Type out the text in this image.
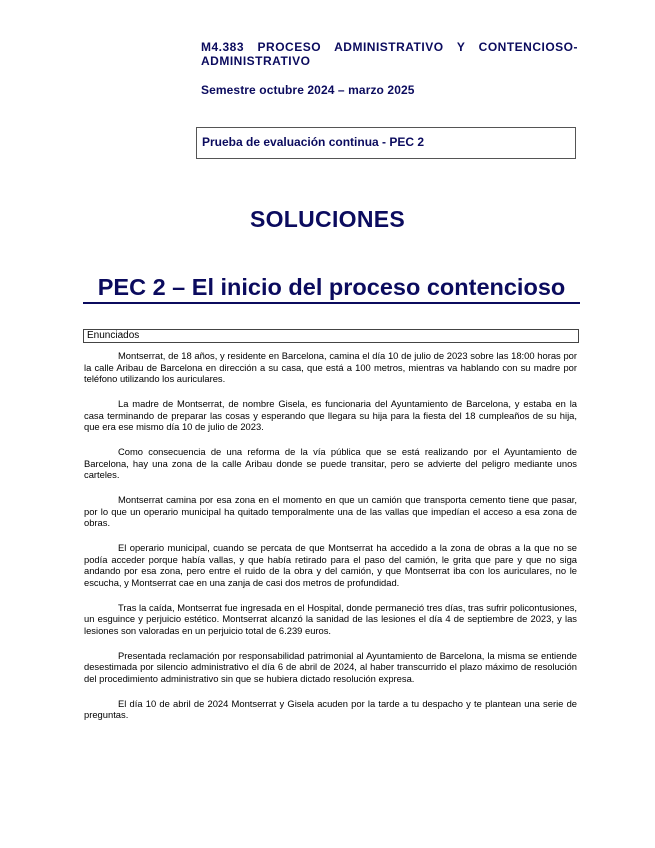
M4.383 PROCESO ADMINISTRATIVO Y CONTENCIOSO-ADMINISTRATIVO
Semestre octubre 2024 – marzo 2025
Prueba de evaluación continua - PEC 2
SOLUCIONES
PEC 2 – El inicio del proceso contencioso
Enunciados

Montserrat, de 18 años, y residente en Barcelona, camina el día 10 de julio de 2023 sobre las 18:00 horas por la calle Aribau de Barcelona en dirección a su casa, que está a 100 metros, mientras va hablando con su madre por teléfono utilizando los auriculares.

La madre de Montserrat, de nombre Gisela, es funcionaria del Ayuntamiento de Barcelona, y estaba en la casa terminando de preparar las cosas y esperando que llegara su hija para la fiesta del 18 cumpleaños de su hija, que era ese mismo día 10 de julio de 2023.

Como consecuencia de una reforma de la vía pública que se está realizando por el Ayuntamiento de Barcelona, hay una zona de la calle Aribau donde se puede transitar, pero se advierte del peligro mediante unos carteles.

Montserrat camina por esa zona en el momento en que un camión que transporta cemento tiene que pasar, por lo que un operario municipal ha quitado temporalmente una de las vallas que impedían el acceso a esa zona de obras.

El operario municipal, cuando se percata de que Montserrat ha accedido a la zona de obras a la que no se podía acceder porque había vallas, y que había retirado para el paso del camión, le grita que pare y que no siga andando por esa zona, pero entre el ruido de la obra y del camión, y que Montserrat iba con los auriculares, no le escucha, y Montserrat cae en una zanja de casi dos metros de profundidad.

Tras la caída, Montserrat fue ingresada en el Hospital, donde permaneció tres días, tras sufrir policontusiones, un esguince y perjuicio estético. Montserrat alcanzó la sanidad de las lesiones el día 4 de septiembre de 2023, y las lesiones son valoradas en un perjuicio total de 6.239 euros.

Presentada reclamación por responsabilidad patrimonial al Ayuntamiento de Barcelona, la misma se entiende desestimada por silencio administrativo el día 6 de abril de 2024, al haber transcurrido el plazo máximo de resolución del procedimiento administrativo sin que se hubiera dictado resolución expresa.

El día 10 de abril de 2024 Montserrat y Gisela acuden por la tarde a tu despacho y te plantean una serie de preguntas.
